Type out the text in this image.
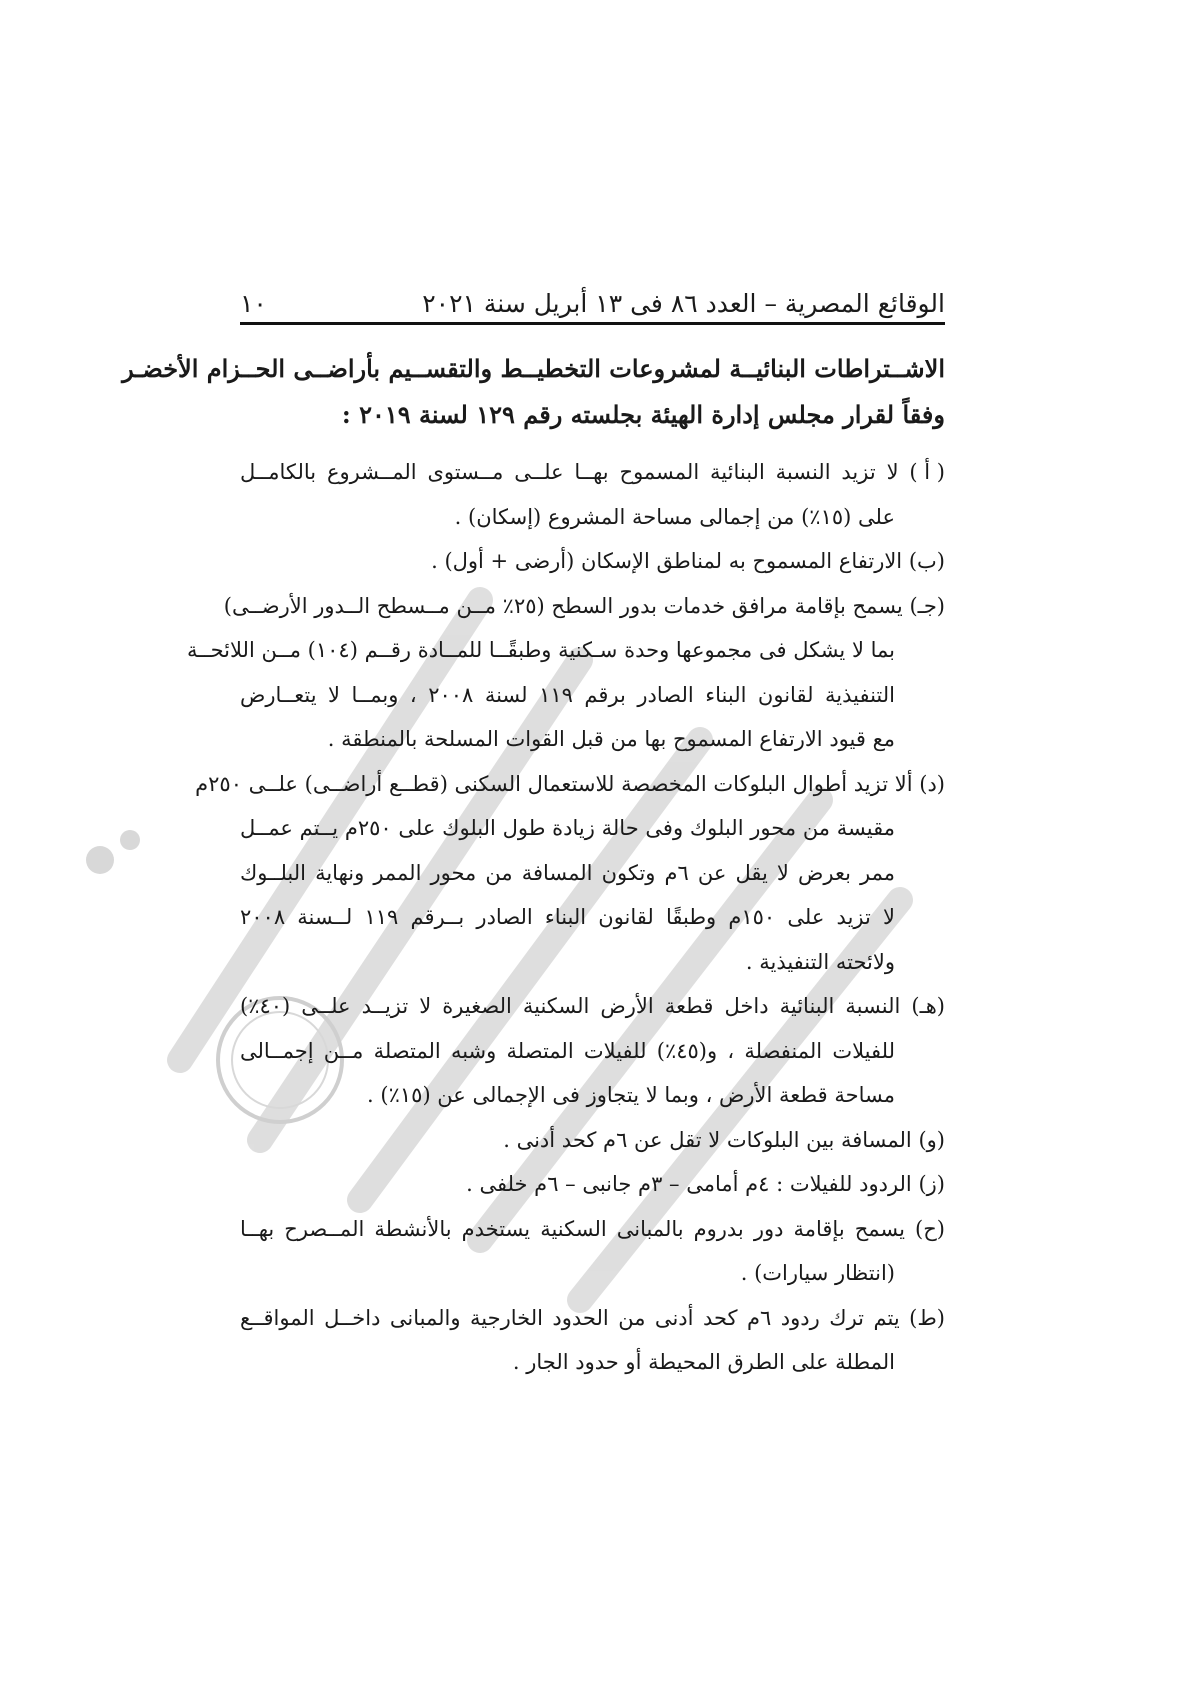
الوقائع المصرية – العدد ٨٦ فى ١٣ أبريل سنة ٢٠٢١
١٠
الاشــتراطات البنائيــة لمشروعات التخطيــط والتقســيم بأراضــى الحــزام الأخضـر
وفقاً لقرار مجلس إدارة الهيئة بجلسته رقم ١٢٩ لسنة ٢٠١٩ :
( أ ) لا تزيد النسبة البنائية المسموح بهــا علــى مــستوى المــشروع بالكامــل
على (١٥٪) من إجمالى مساحة المشروع (إسكان) .
(ب) الارتفاع المسموح به لمناطق الإسكان (أرضى + أول) .
(جـ) يسمح بإقامة مرافق خدمات بدور السطح (٢٥٪ مــن مــسطح الــدور الأرضــى)
بما لا يشكل فى مجموعها وحدة سـكنية وطبقًــا للمــادة رقــم (١٠٤) مــن اللائحــة
التنفيذية لقانون البناء الصادر برقم ١١٩ لسنة ٢٠٠٨ ، وبمــا لا يتعــارض
مع قيود الارتفاع المسموح بها من قبل القوات المسلحة بالمنطقة .
(د) ألا تزيد أطوال البلوكات المخصصة للاستعمال السكنى (قطــع أراضــى) علــى ٢٥٠م
مقيسة من محور البلوك وفى حالة زيادة طول البلوك على ٢٥٠م يــتم عمــل
ممر بعرض لا يقل عن ٦م وتكون المسافة من محور الممر ونهاية البلــوك
لا تزيد على ١٥٠م وطبقًا لقانون البناء الصادر بــرقم ١١٩ لــسنة ٢٠٠٨
ولائحته التنفيذية .
(هـ) النسبة البنائية داخل قطعة الأرض السكنية الصغيرة لا تزيــد علــى (٤٠٪)
للفيلات المنفصلة ، و(٤٥٪) للفيلات المتصلة وشبه المتصلة مــن إجمــالى
مساحة قطعة الأرض ، وبما لا يتجاوز فى الإجمالى عن (١٥٪) .
(و) المسافة بين البلوكات لا تقل عن ٦م كحد أدنى .
(ز) الردود للفيلات : ٤م أمامى – ٣م جانبى – ٦م خلفى .
(ح) يسمح بإقامة دور بدروم بالمبانى السكنية يستخدم بالأنشطة المــصرح بهــا
(انتظار سيارات) .
(ط) يتم ترك ردود ٦م كحد أدنى من الحدود الخارجية والمبانى داخــل المواقــع
المطلة على الطرق المحيطة أو حدود الجار .
